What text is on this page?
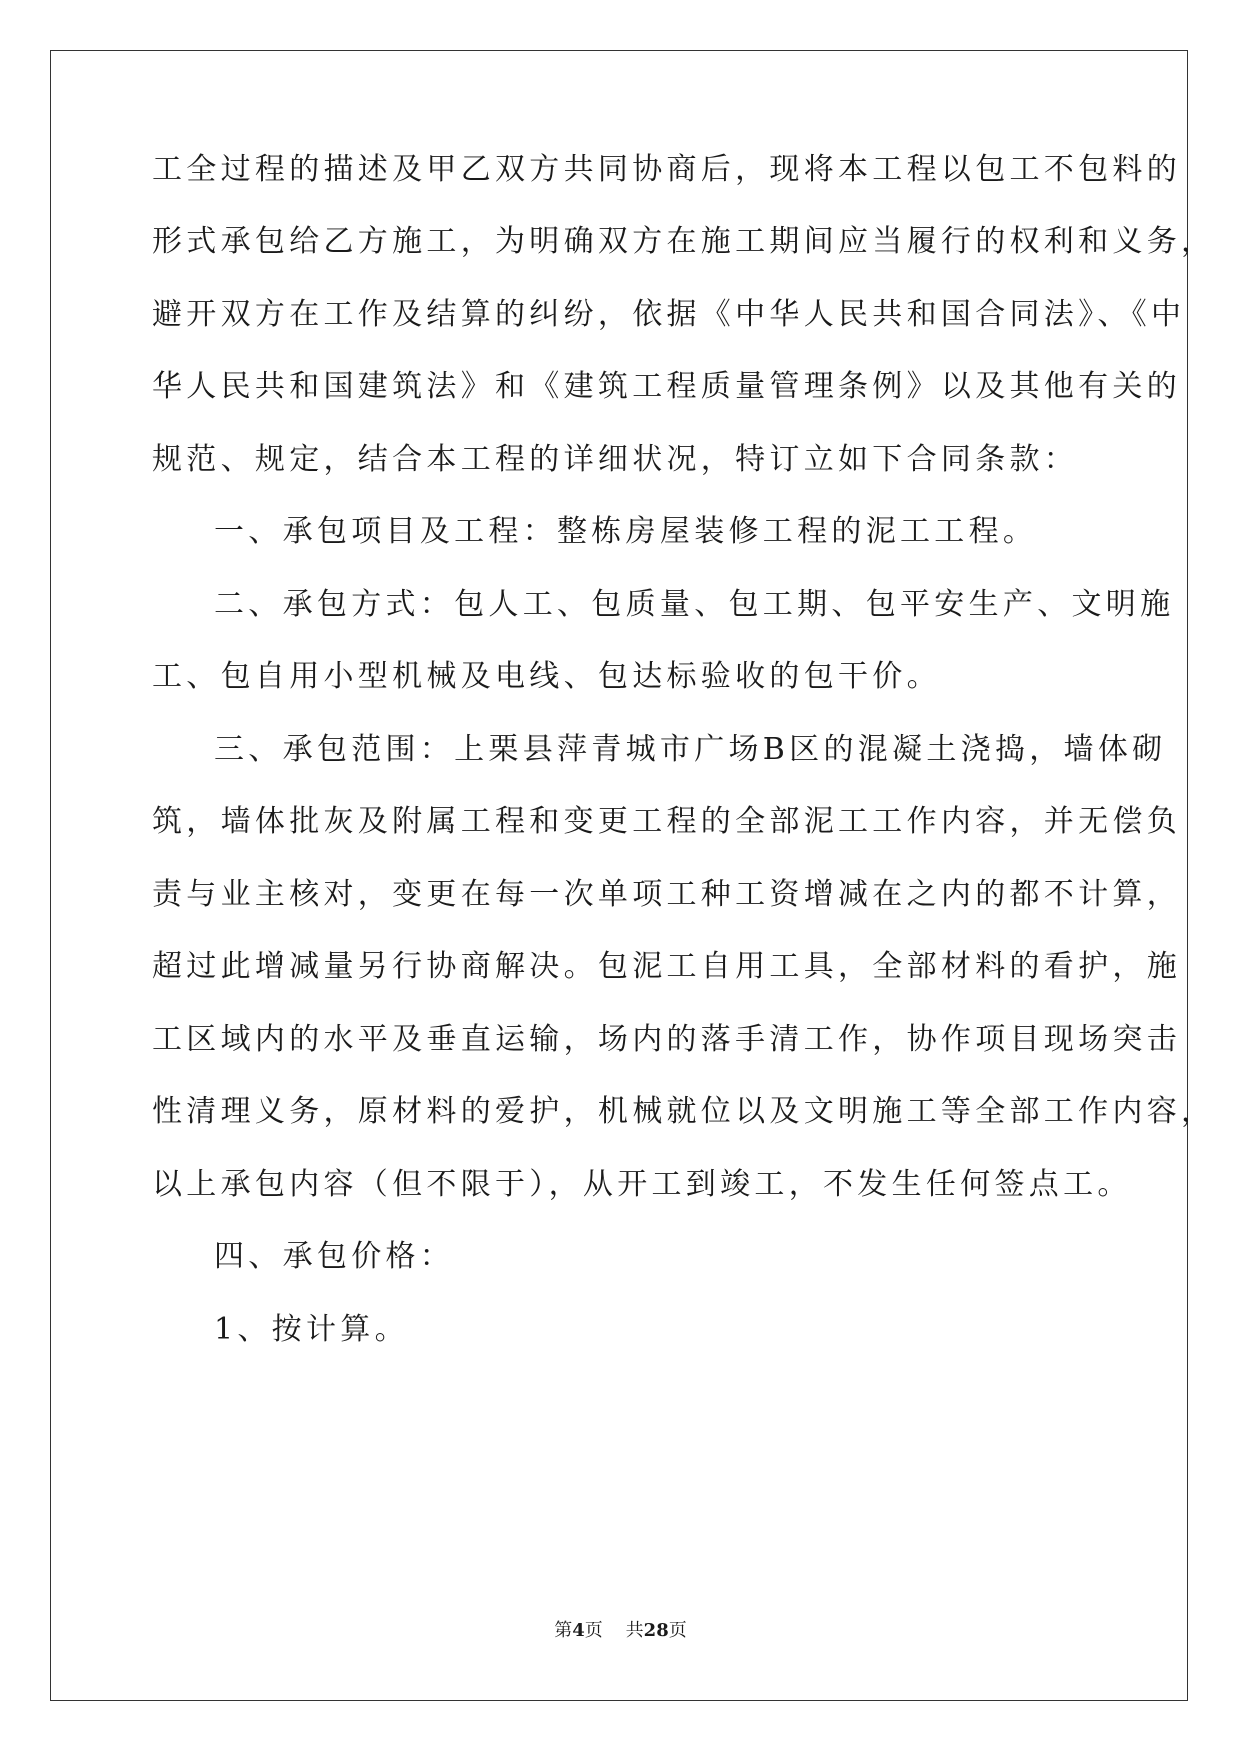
工全过程的描述及甲乙双方共同协商后，现将本工程以包工不包料的
形式承包给乙方施工，为明确双方在施工期间应当履行的权利和义务，
避开双方在工作及结算的纠纷，依据《中华人民共和国合同法》、《中
华人民共和国建筑法》和《建筑工程质量管理条例》以及其他有关的
规范、规定，结合本工程的详细状况，特订立如下合同条款：
一、承包项目及工程：整栋房屋装修工程的泥工工程。
二、承包方式：包人工、包质量、包工期、包平安生产、文明施
工、包自用小型机械及电线、包达标验收的包干价。
三、承包范围：上栗县萍青城市广场B区的混凝土浇捣，墙体砌
筑，墙体批灰及附属工程和变更工程的全部泥工工作内容，并无偿负
责与业主核对，变更在每一次单项工种工资增减在之内的都不计算，
超过此增减量另行协商解决。包泥工自用工具，全部材料的看护，施
工区域内的水平及垂直运输，场内的落手清工作，协作项目现场突击
性清理义务，原材料的爱护，机械就位以及文明施工等全部工作内容，
以上承包内容（但不限于），从开工到竣工，不发生任何签点工。
四、承包价格：
1、按计算。
第4页 共28页
